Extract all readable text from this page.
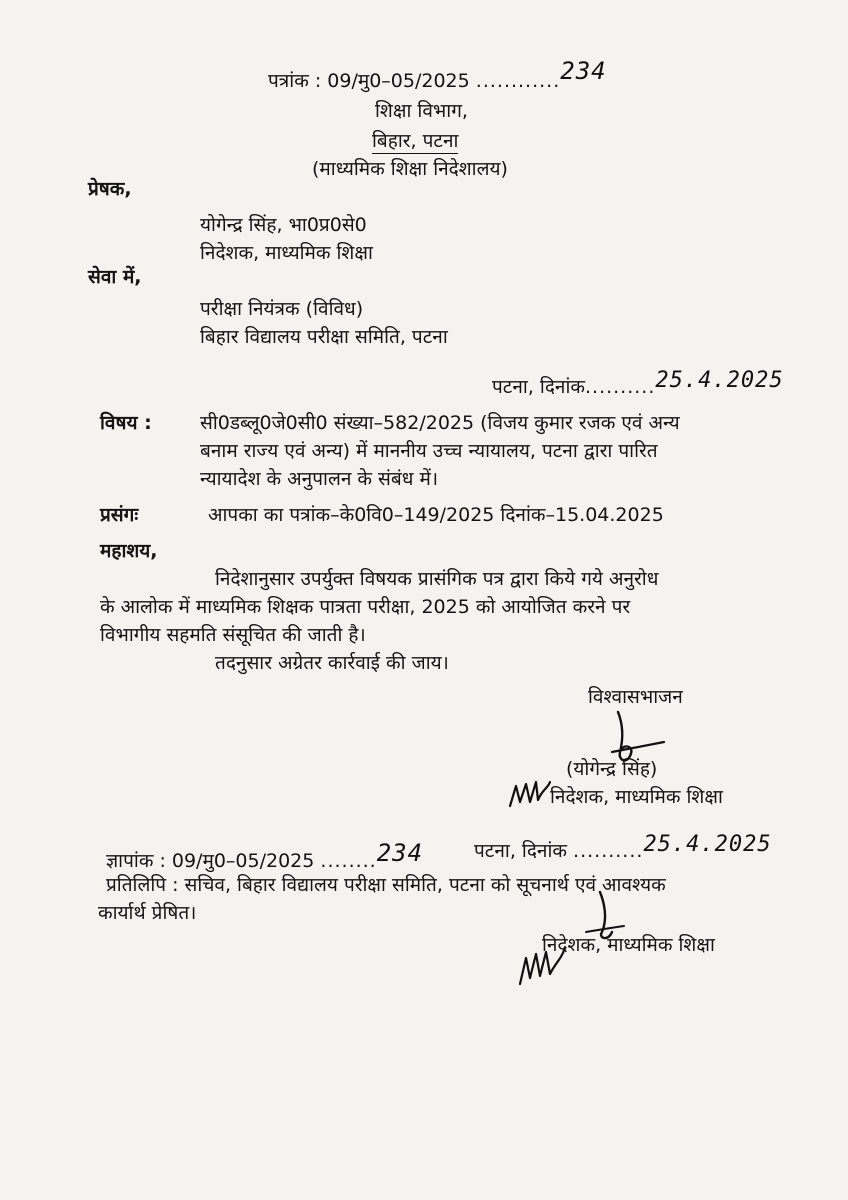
पत्रांक : 09/मु0–05/2025 ............234
शिक्षा विभाग,
बिहार, पटना
(माध्यमिक शिक्षा निदेशालय)
प्रेषक,
योगेन्द्र सिंह, भा0प्र0से0
निदेशक, माध्यमिक शिक्षा
सेवा में,
परीक्षा नियंत्रक (विविध)
बिहार विद्यालय परीक्षा समिति, पटना
पटना, दिनांक..........25.4.2025
विषय :	सी0डब्लू0जे0सी0 संख्या–582/2025 (विजय कुमार रजक एवं अन्य
बनाम राज्य एवं अन्य) में माननीय उच्च न्यायालय, पटना द्वारा पारित
न्यायादेश के अनुपालन के संबंध में।
प्रसंगः	आपका का पत्रांक–के0वि0–149/2025 दिनांक–15.04.2025
महाशय,
निदेशानुसार उपर्युक्त विषयक प्रासंगिक पत्र द्वारा किये गये अनुरोध
के आलोक में माध्यमिक शिक्षक पात्रता परीक्षा, 2025 को आयोजित करने पर
विभागीय सहमति संसूचित की जाती है।
तदनुसार अग्रेतर कार्रवाई की जाय।
विश्वासभाजन
(योगेन्द्र सिंह)
निदेशक, माध्यमिक शिक्षा
ज्ञापांक : 09/मु0–05/2025 ........234	पटना, दिनांक ..........25.4.2025
प्रतिलिपि : सचिव, बिहार विद्यालय परीक्षा समिति, पटना को सूचनार्थ एवं आवश्यक
कार्यार्थ प्रेषित।
निदेशक, माध्यमिक शिक्षा
